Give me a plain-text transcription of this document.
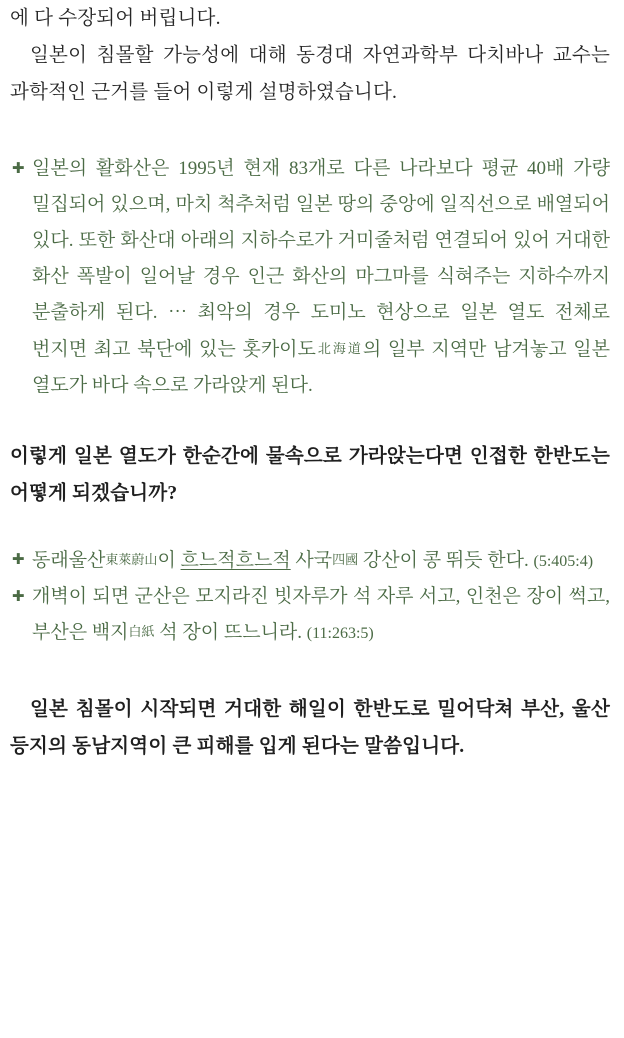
에 다 수장되어 버립니다.

일본이 침몰할 가능성에 대해 동경대 자연과학부 다치바나 교수는 과학적인 근거를 들어 이렇게 설명하였습니다.

✚ 일본의 활화산은 1995년 현재 83개로 다른 나라보다 평균 40배 가량 밀집되어 있으며, 마치 척추처럼 일본 땅의 중앙에 일직선으로 배열되어 있다. 또한 화산대 아래의 지하수로가 거미줄처럼 연결되어 있어 거대한 화산 폭발이 일어날 경우 인근 화산의 마그마를 식혀주는 지하수까지 분출하게 된다. ⋯ 최악의 경우 도미노 현상으로 일본 열도 전체로 번지면 최고 북단에 있는 홋카이도北海道의 일부 지역만 남겨놓고 일본 열도가 바다 속으로 가라앉게 된다.

이렇게 일본 열도가 한순간에 물속으로 가라앉는다면 인접한 한반도는 어떻게 되겠습니까?

✚ 동래울산東萊蔚山이 흐느적흐느적 사국四國 강산이 콩 뛰듯 한다. (5:405:4)
✚ 개벽이 되면 군산은 모지라진 빗자루가 석 자루 서고, 인천은 장이 썩고, 부산은 백지白紙 석 장이 뜨느니라. (11:263:5)

일본 침몰이 시작되면 거대한 해일이 한반도로 밀어닥쳐 부산, 울산 등지의 동남지역이 큰 피해를 입게 된다는 말씀입니다.
